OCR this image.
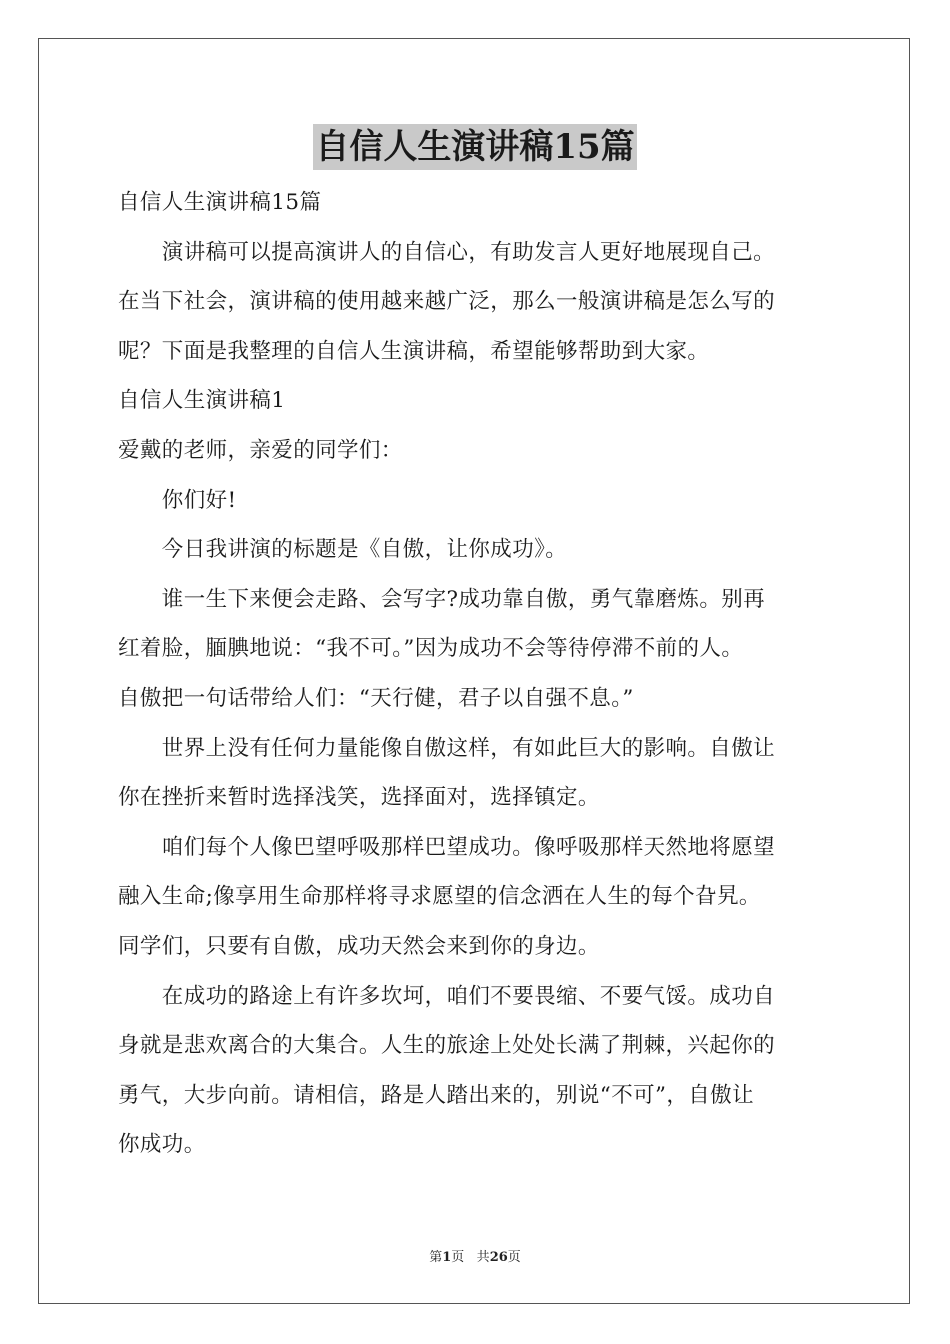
自信人生演讲稿15篇
自信人生演讲稿15篇
　　演讲稿可以提高演讲人的自信心，有助发言人更好地展现自己。
在当下社会，演讲稿的使用越来越广泛，那么一般演讲稿是怎么写的
呢？下面是我整理的自信人生演讲稿，希望能够帮助到大家。
自信人生演讲稿1
爱戴的老师，亲爱的同学们：
　　你们好!
　　今日我讲演的标题是《自傲，让你成功》。
　　谁一生下来便会走路、会写字?成功靠自傲，勇气靠磨炼。别再
红着脸，腼腆地说：“我不可。”因为成功不会等待停滞不前的人。
自傲把一句话带给人们：“天行健，君子以自强不息。”
　　世界上没有任何力量能像自傲这样，有如此巨大的影响。自傲让
你在挫折来暂时选择浅笑，选择面对，选择镇定。
　　咱们每个人像巴望呼吸那样巴望成功。像呼吸那样天然地将愿望
融入生命;像享用生命那样将寻求愿望的信念洒在人生的每个旮旯。
同学们，只要有自傲，成功天然会来到你的身边。
　　在成功的路途上有许多坎坷，咱们不要畏缩、不要气馁。成功自
身就是悲欢离合的大集合。人生的旅途上处处长满了荆棘，兴起你的
勇气，大步向前。请相信，路是人踏出来的，别说“不可”，自傲让
你成功。
第1页 共26页
